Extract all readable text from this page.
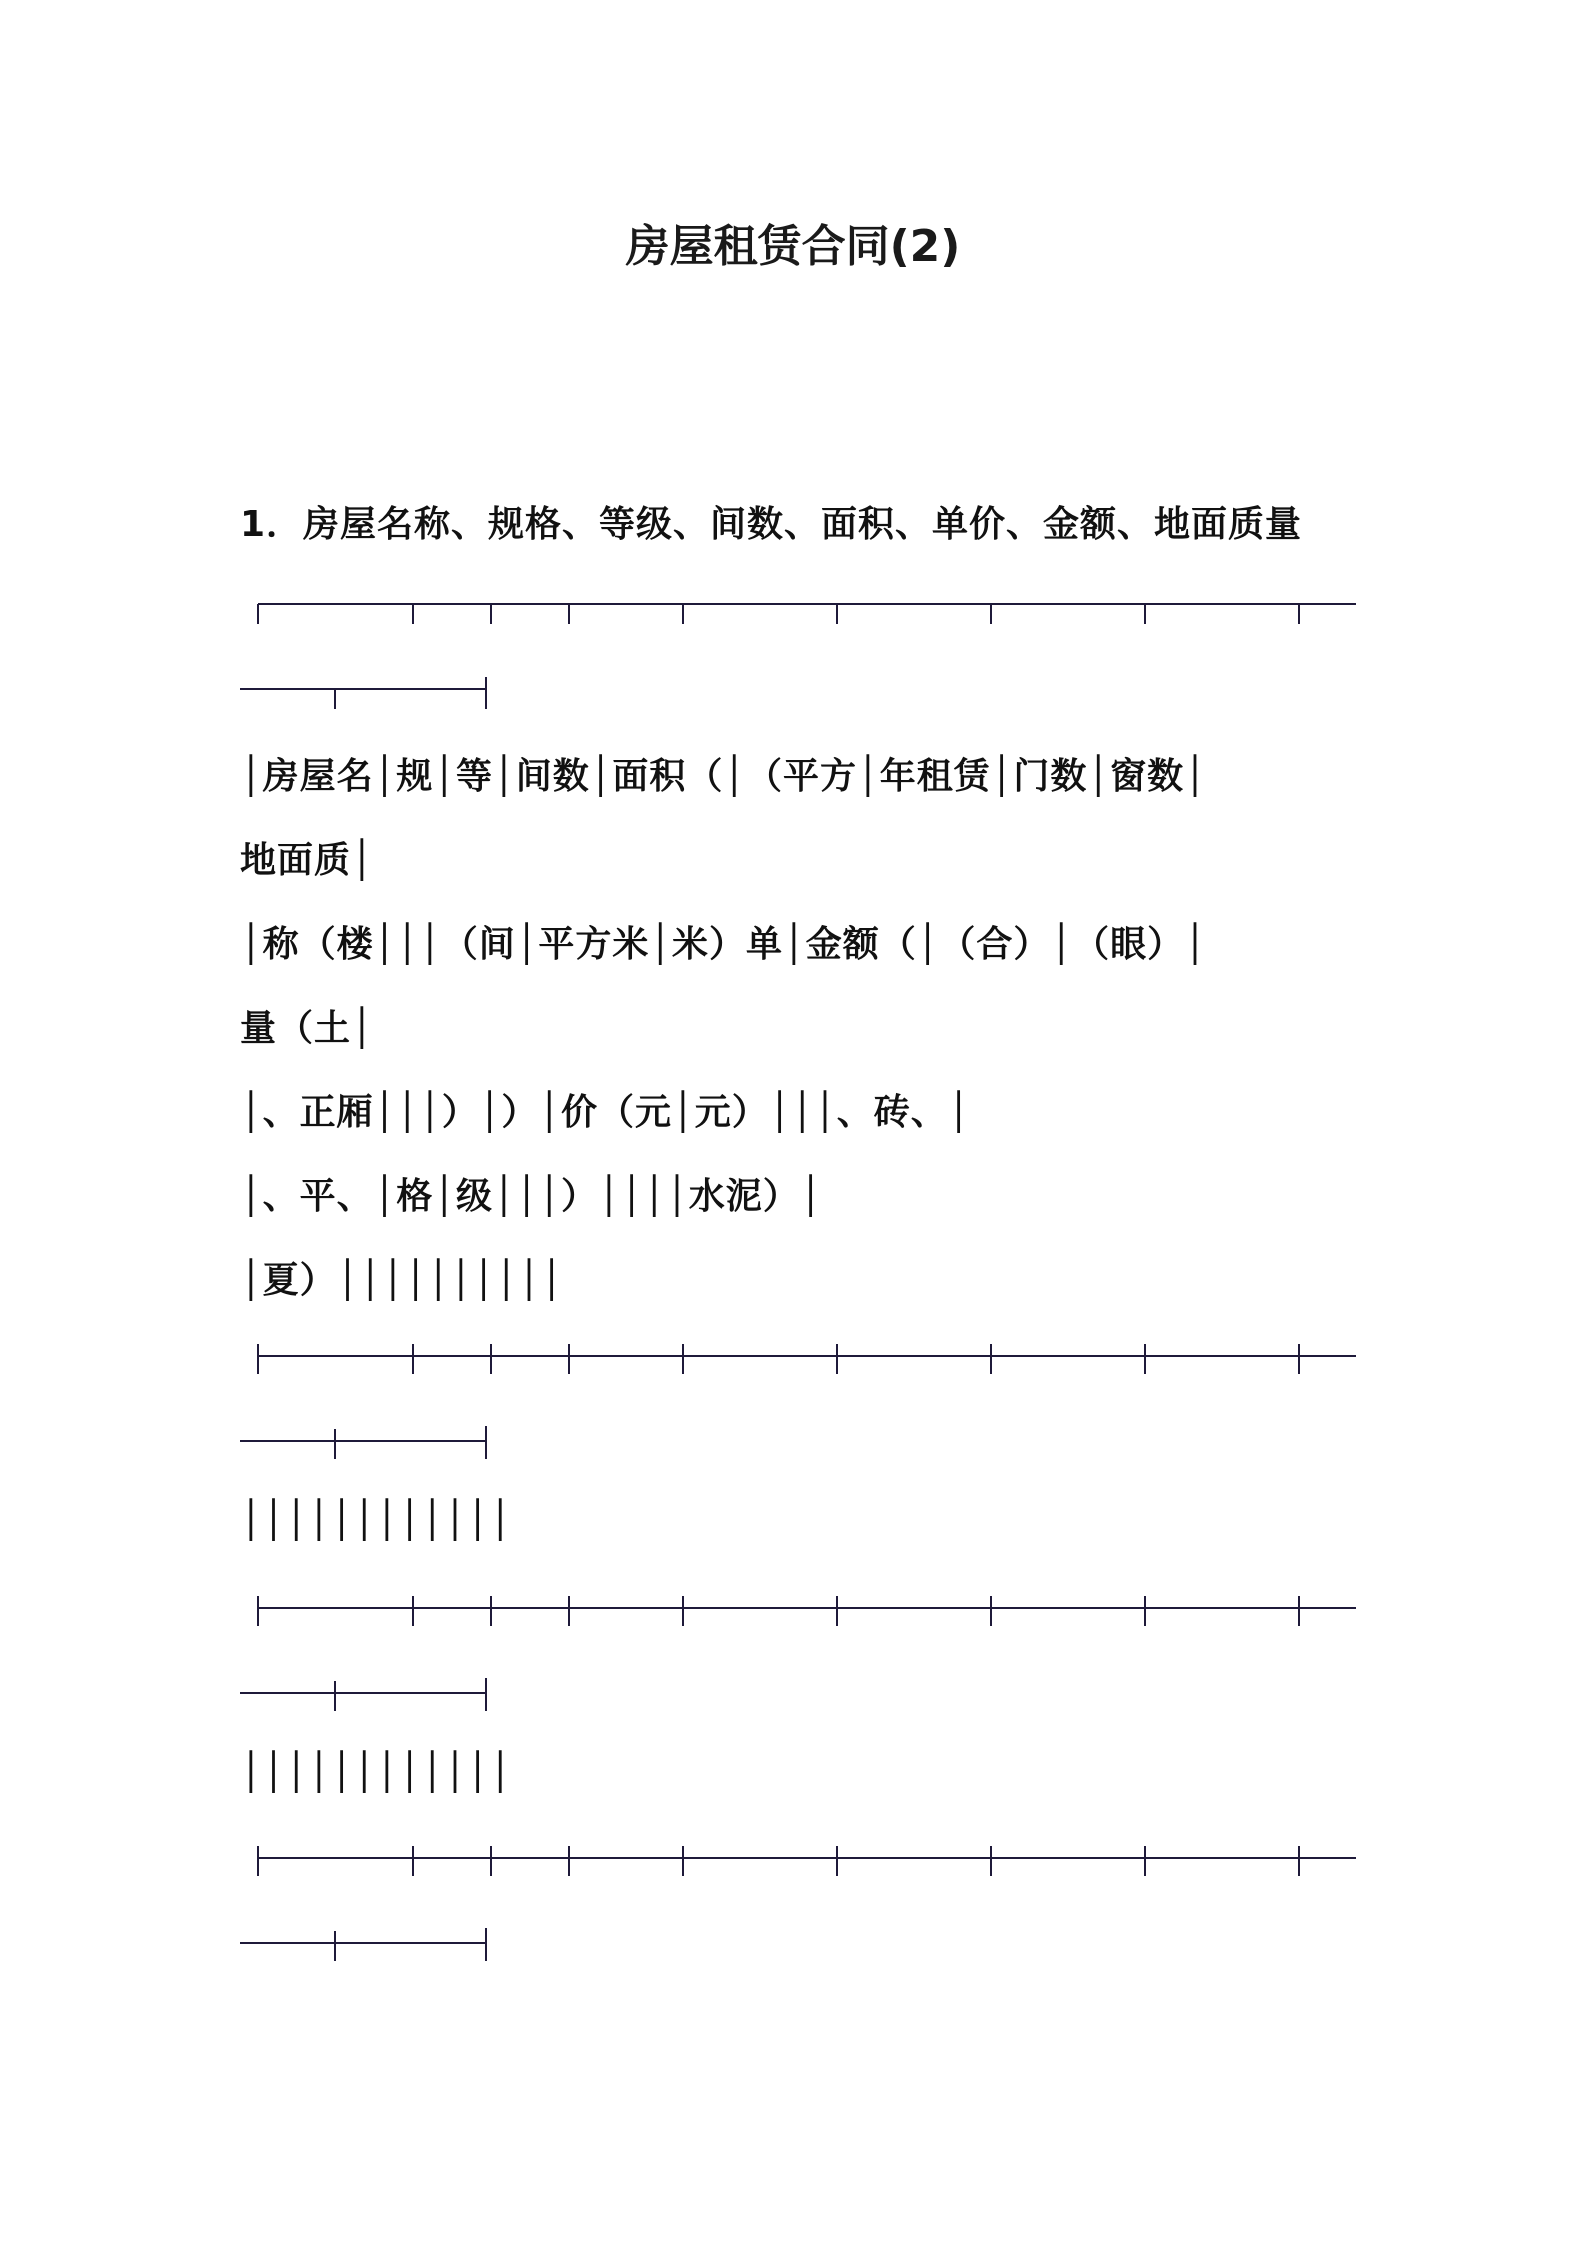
房屋租赁合同(2)
1．房屋名称、规格、等级、间数、面积、单价、金额、地面质量
│房屋名│规│等│间数│面积（│（平方│年租赁│门数│窗数│
地面质│
│称（楼│││（间│平方米│米）单│金额（│（合）│（眼）│
量（土│
│、正厢│││）│）│价（元│元）│││、砖、│
│、平、│格│级│││）││││水泥）│
│夏）││││││││││
││││││││││││
││││││││││││
